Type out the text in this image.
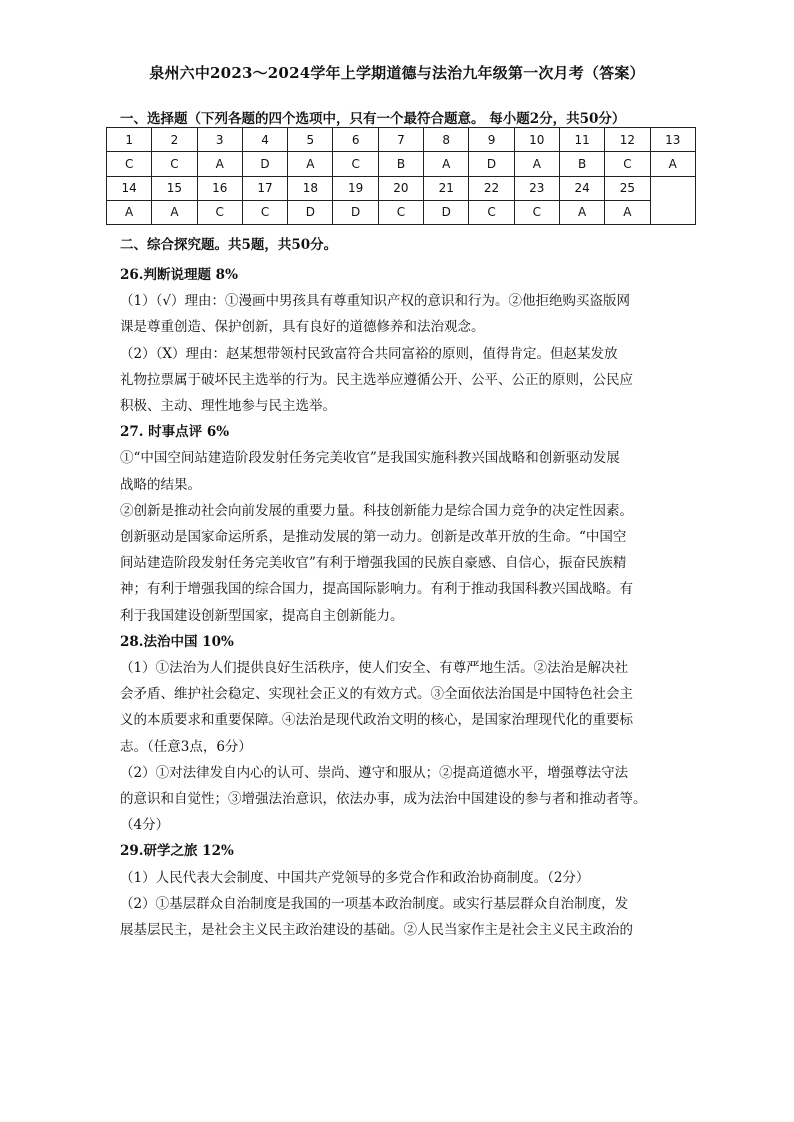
泉州六中2023～2024学年上学期道德与法治九年级第一次月考（答案）
一、选择题（下列各题的四个选项中，只有一个最符合题意。 每小题2分，共50分）
1	2	3	4	5	6	7	8	9	10	11	12	13
C	C	A	D	A	C	B	A	D	A	B	C	A
14	15	16	17	18	19	20	21	22	23	24	25	
A	A	C	C	D	D	C	D	C	C	A	A	
二、综合探究题。共5题，共50分。

26.判断说理题 8%

（1）（√）理由：①漫画中男孩具有尊重知识产权的意识和行为。②他拒绝购买盗版网

课是尊重创造、保护创新，具有良好的道德修养和法治观念。

（2）（X）理由：赵某想带领村民致富符合共同富裕的原则，值得肯定。但赵某发放

礼物拉票属于破坏民主选举的行为。民主选举应遵循公开、公平、公正的原则，公民应

积极、主动、理性地参与民主选举。

27. 时事点评 6%

①“中国空间站建造阶段发射任务完美收官”是我国实施科教兴国战略和创新驱动发展

战略的结果。

②创新是推动社会向前发展的重要力量。科技创新能力是综合国力竞争的决定性因素。

创新驱动是国家命运所系，是推动发展的第一动力。创新是改革开放的生命。“中国空

间站建造阶段发射任务完美收官”有利于增强我国的民族自豪感、自信心，振奋民族精

神；有利于增强我国的综合国力，提高国际影响力。有利于推动我国科教兴国战略。有

利于我国建设创新型国家，提高自主创新能力。

28.法治中国 10%

（1）①法治为人们提供良好生活秩序，使人们安全、有尊严地生活。②法治是解决社

会矛盾、维护社会稳定、实现社会正义的有效方式。③全面依法治国是中国特色社会主

义的本质要求和重要保障。④法治是现代政治文明的核心，是国家治理现代化的重要标

志。（任意3点，6分）

（2）①对法律发自内心的认可、崇尚、遵守和服从；②提高道德水平，增强尊法守法

的意识和自觉性；③增强法治意识，依法办事，成为法治中国建设的参与者和推动者等。

（4分）

29.研学之旅 12%

（1）人民代表大会制度、中国共产党领导的多党合作和政治协商制度。（2分）

（2）①基层群众自治制度是我国的一项基本政治制度。或实行基层群众自治制度，发

展基层民主，是社会主义民主政治建设的基础。②人民当家作主是社会主义民主政治的
